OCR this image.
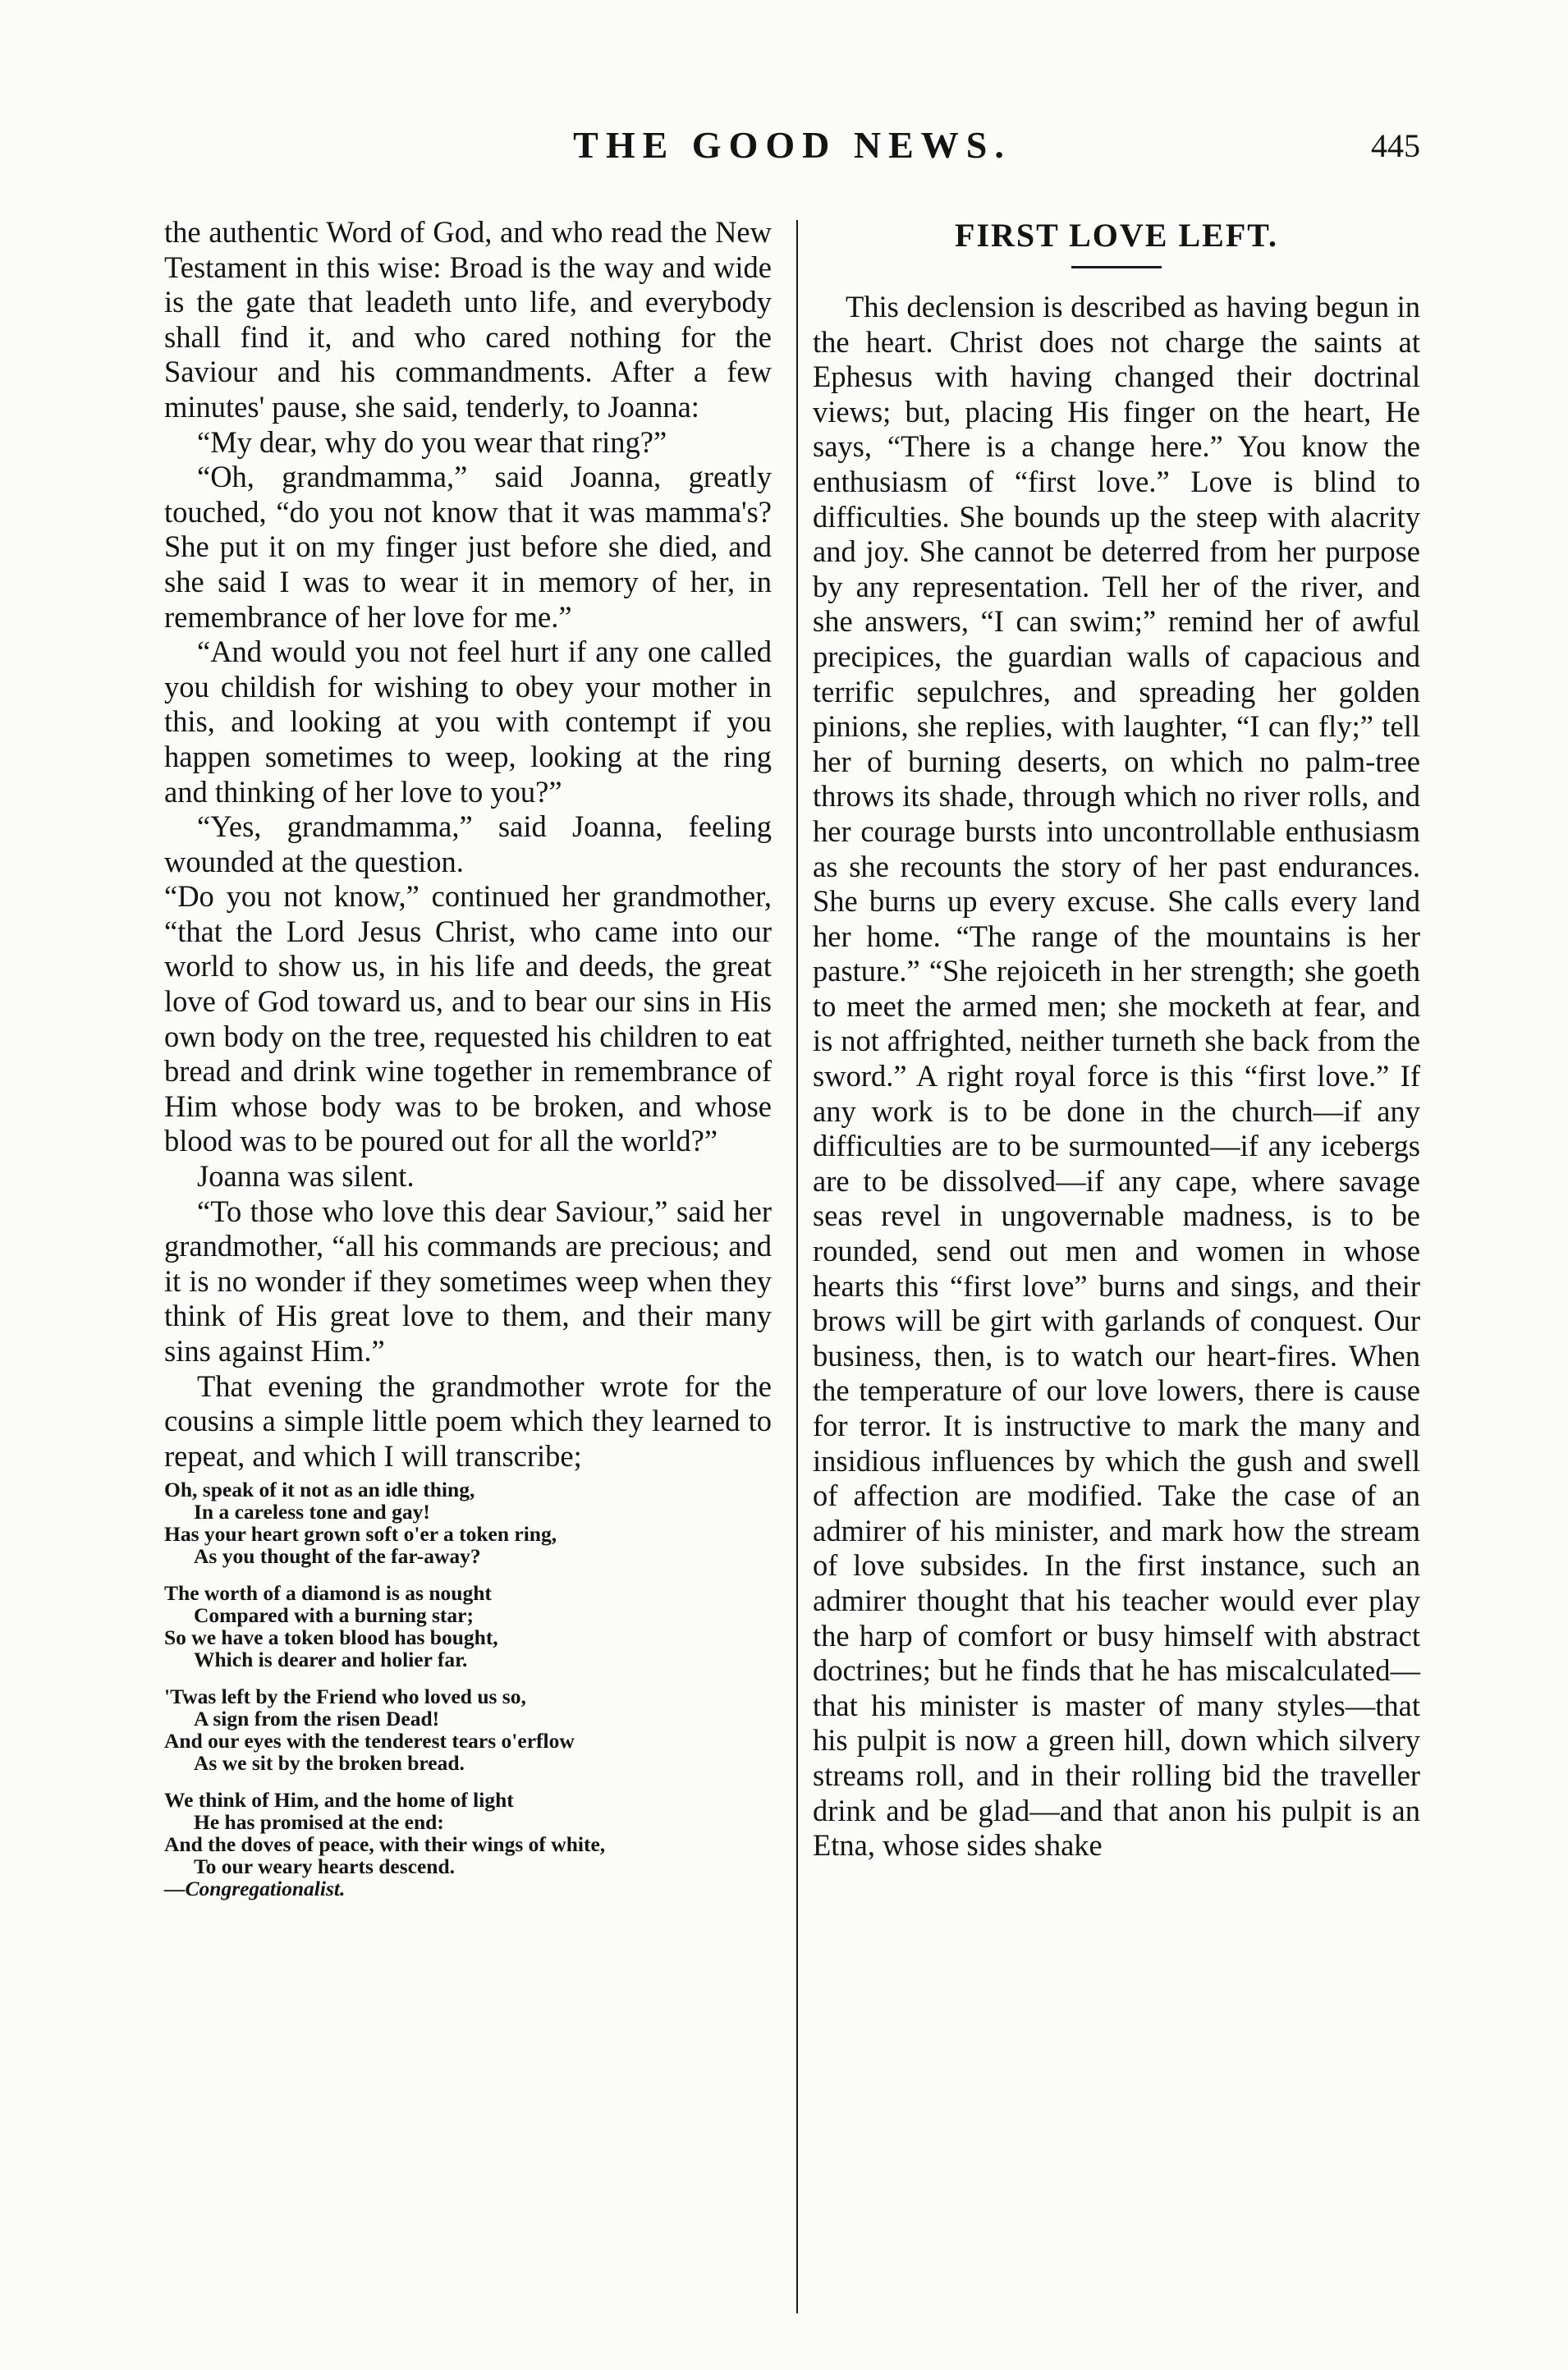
THE GOOD NEWS.	445

the authentic Word of God, and who read the New Testament in this wise: Broad is the way and wide is the gate that leadeth unto life, and everybody shall find it, and who cared nothing for the Saviour and his commandments. After a few minutes' pause, she said, tenderly, to Joanna:

“My dear, why do you wear that ring?”

“Oh, grandmamma,” said Joanna, greatly touched, “do you not know that it was mamma's? She put it on my finger just before she died, and she said I was to wear it in memory of her, in remembrance of her love for me.”

“And would you not feel hurt if any one called you childish for wishing to obey your mother in this, and looking at you with contempt if you happen sometimes to weep, looking at the ring and thinking of her love to you?”

“Yes, grandmamma,” said Joanna, feeling wounded at the question.

“Do you not know,” continued her grandmother, “that the Lord Jesus Christ, who came into our world to show us, in his life and deeds, the great love of God toward us, and to bear our sins in His own body on the tree, requested his children to eat bread and drink wine together in remembrance of Him whose body was to be broken, and whose blood was to be poured out for all the world?”

Joanna was silent.

“To those who love this dear Saviour,” said her grandmother, “all his commands are precious; and it is no wonder if they sometimes weep when they think of His great love to them, and their many sins against Him.”

That evening the grandmother wrote for the cousins a simple little poem which they learned to repeat, and which I will transcribe;

Oh, speak of it not as an idle thing,
In a careless tone and gay!
Has your heart grown soft o'er a token ring,
As you thought of the far-away?
The worth of a diamond is as nought
Compared with a burning star;
So we have a token blood has bought,
Which is dearer and holier far.
'Twas left by the Friend who loved us so,
A sign from the risen Dead!
And our eyes with the tenderest tears o'erflow
As we sit by the broken bread.
We think of Him, and the home of light
He has promised at the end:
And the doves of peace, with their wings of white,
To our weary hearts descend.
—Congregationalist.
FIRST LOVE LEFT.

This declension is described as having begun in the heart. Christ does not charge the saints at Ephesus with having changed their doctrinal views; but, placing His finger on the heart, He says, “There is a change here.” You know the enthusiasm of “first love.” Love is blind to difficulties. She bounds up the steep with alacrity and joy. She cannot be deterred from her purpose by any representation. Tell her of the river, and she answers, “I can swim;” remind her of awful precipices, the guardian walls of capacious and terrific sepulchres, and spreading her golden pinions, she replies, with laughter, “I can fly;” tell her of burning deserts, on which no palm-tree throws its shade, through which no river rolls, and her courage bursts into uncontrollable enthusiasm as she recounts the story of her past endurances. She burns up every excuse. She calls every land her home. “The range of the mountains is her pasture.” “She rejoiceth in her strength; she goeth to meet the armed men; she mocketh at fear, and is not affrighted, neither turneth she back from the sword.” A right royal force is this “first love.” If any work is to be done in the church—if any difficulties are to be surmounted—if any icebergs are to be dissolved—if any cape, where savage seas revel in ungovernable madness, is to be rounded, send out men and women in whose hearts this “first love” burns and sings, and their brows will be girt with garlands of conquest. Our business, then, is to watch our heart-fires. When the temperature of our love lowers, there is cause for terror. It is instructive to mark the many and insidious influences by which the gush and swell of affection are modified. Take the case of an admirer of his minister, and mark how the stream of love subsides. In the first instance, such an admirer thought that his teacher would ever play the harp of comfort or busy himself with abstract doctrines; but he finds that he has miscalculated—that his minister is master of many styles—that his pulpit is now a green hill, down which silvery streams roll, and in their rolling bid the traveller drink and be glad—and that anon his pulpit is an Etna, whose sides shake
